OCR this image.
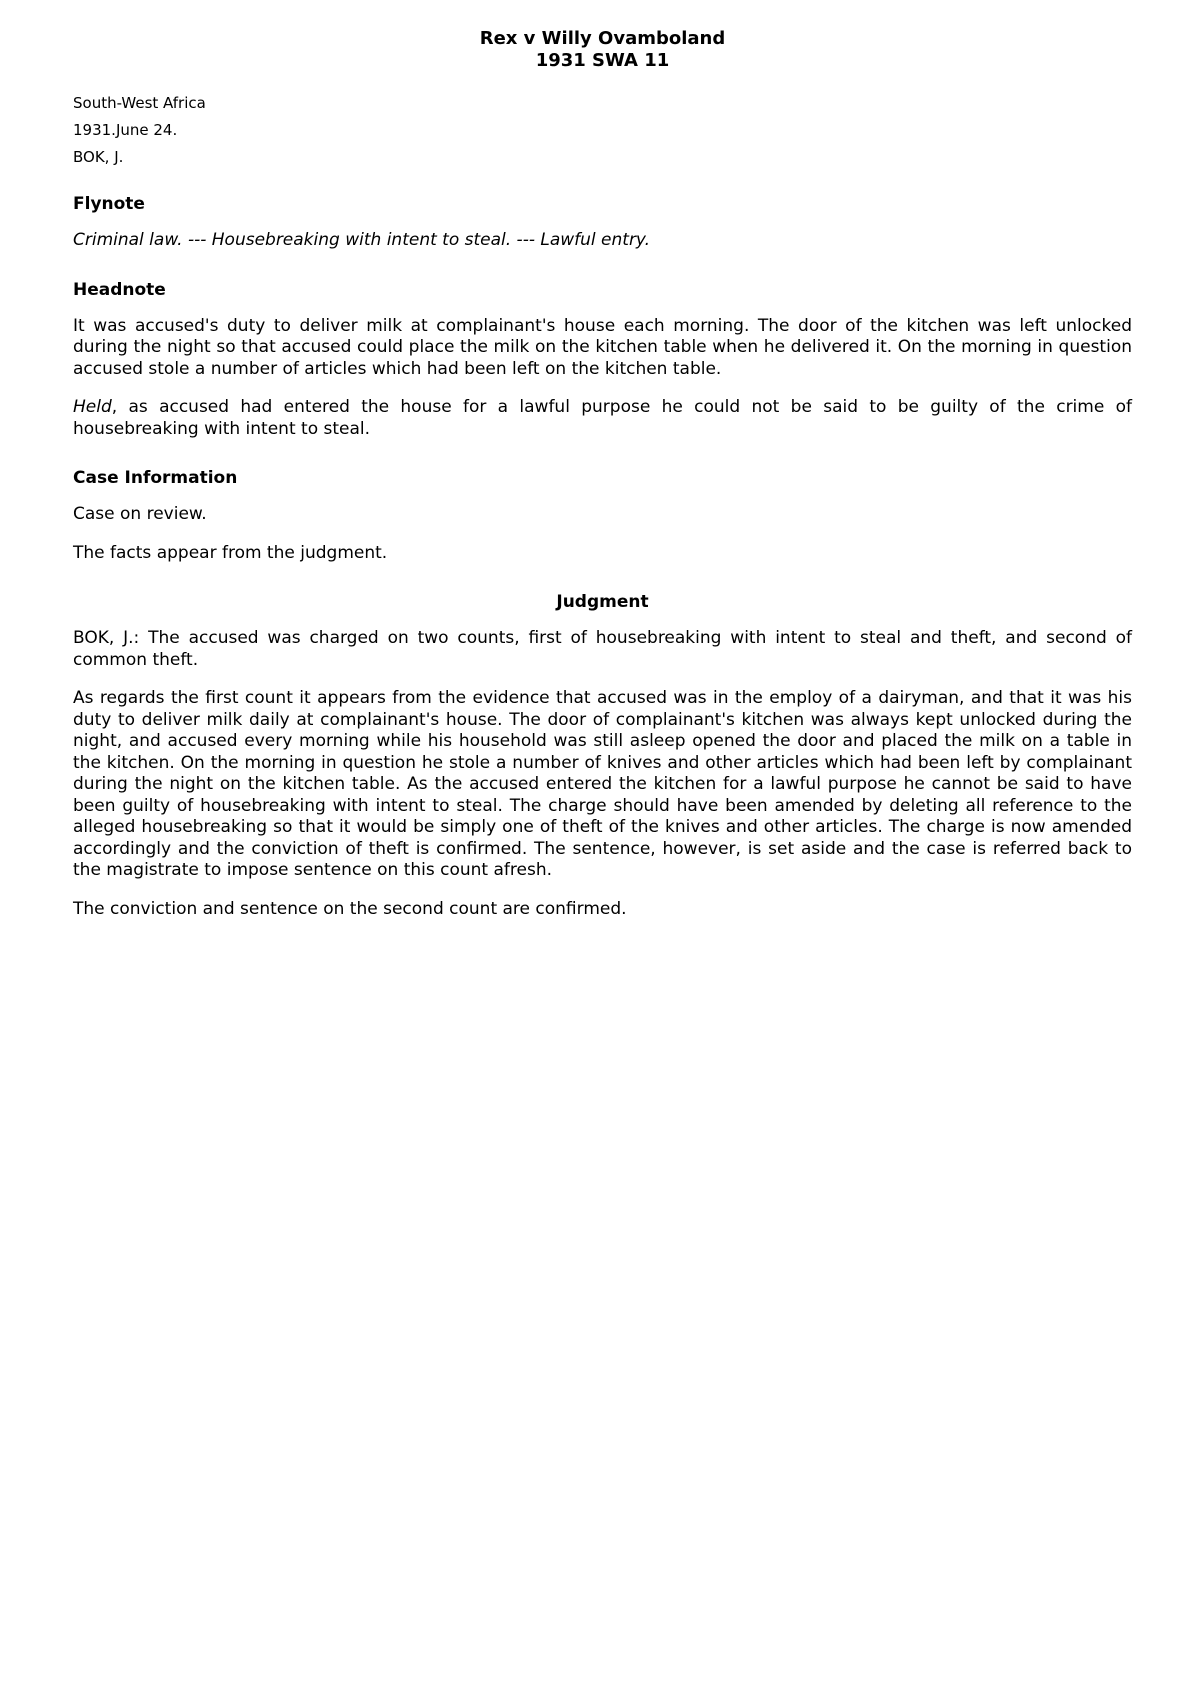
Rex v Willy Ovamboland

1931 SWA 11

South-West Africa

1931.June 24.

BOK, J.

Flynote

Criminal law. --- Housebreaking with intent to steal. --- Lawful entry.

Headnote

It was accused's duty to deliver milk at complainant's house each morning. The door of the kitchen was left unlocked during the night so that accused could place the milk on the kitchen table when he delivered it. On the morning in question accused stole a number of articles which had been left on the kitchen table.

Held, as accused had entered the house for a lawful purpose he could not be said to be guilty of the crime of housebreaking with intent to steal.

Case Information

Case on review.

The facts appear from the judgment.

Judgment

BOK, J.: The accused was charged on two counts, first of housebreaking with intent to steal and theft, and second of common theft.

As regards the first count it appears from the evidence that accused was in the employ of a dairyman, and that it was his duty to deliver milk daily at complainant's house. The door of complainant's kitchen was always kept unlocked during the night, and accused every morning while his household was still asleep opened the door and placed the milk on a table in the kitchen. On the morning in question he stole a number of knives and other articles which had been left by complainant during the night on the kitchen table. As the accused entered the kitchen for a lawful purpose he cannot be said to have been guilty of housebreaking with intent to steal. The charge should have been amended by deleting all reference to the alleged housebreaking so that it would be simply one of theft of the knives and other articles. The charge is now amended accordingly and the conviction of theft is confirmed. The sentence, however, is set aside and the case is referred back to the magistrate to impose sentence on this count afresh.

The conviction and sentence on the second count are confirmed.
